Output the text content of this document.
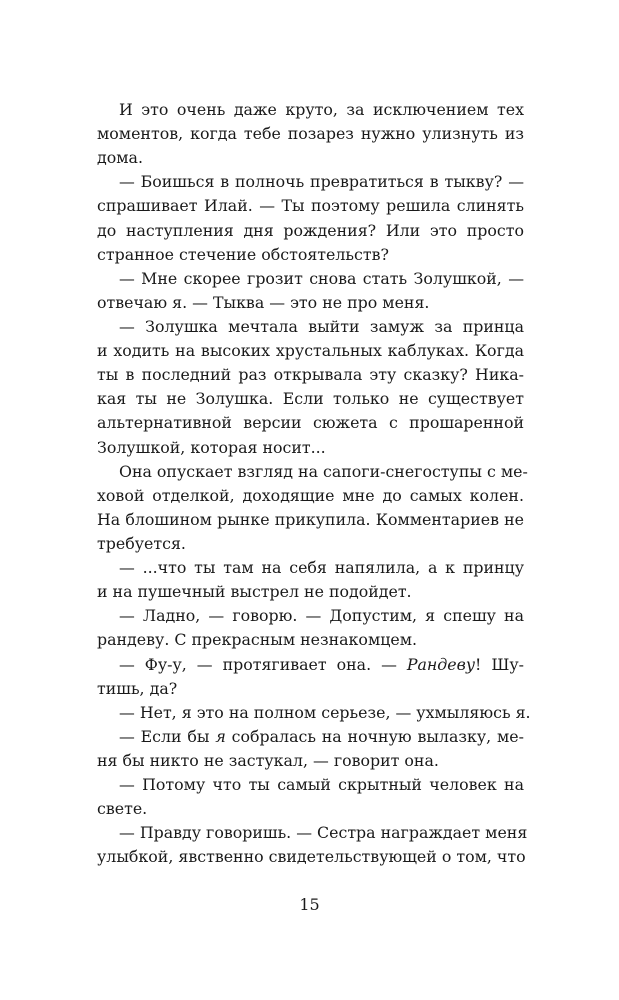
И это очень даже круто, за исключением тех
моментов, когда тебе позарез нужно улизнуть из
дома.
— Боишься в полночь превратиться в тыкву? —
спрашивает Илай. — Ты поэтому решила слинять
до наступления дня рождения? Или это просто
странное стечение обстоятельств?
— Мне скорее грозит снова стать Золушкой, —
отвечаю я. — Тыква — это не про меня.
— Золушка мечтала выйти замуж за принца
и ходить на высоких хрустальных каблуках. Когда
ты в последний раз открывала эту сказку? Ника-
кая ты не Золушка. Если только не существует
альтернативной версии сюжета с прошаренной
Золушкой, которая носит...
Она опускает взгляд на сапоги-снегоступы с ме-
ховой отделкой, доходящие мне до самых колен.
На блошином рынке прикупила. Комментариев не
требуется.
— ...что ты там на себя напялила, а к принцу
и на пушечный выстрел не подойдет.
— Ладно, — говорю. — Допустим, я спешу на
рандеву. С прекрасным незнакомцем.
— Фу-у, — протягивает она. — Рандеву! Шу-
тишь, да?
— Нет, я это на полном серьезе, — ухмыляюсь я.
— Если бы я собралась на ночную вылазку, ме-
ня бы никто не застукал, — говорит она.
— Потому что ты самый скрытный человек на
свете.
— Правду говоришь. — Сестра награждает меня
улыбкой, явственно свидетельствующей о том, что
15
